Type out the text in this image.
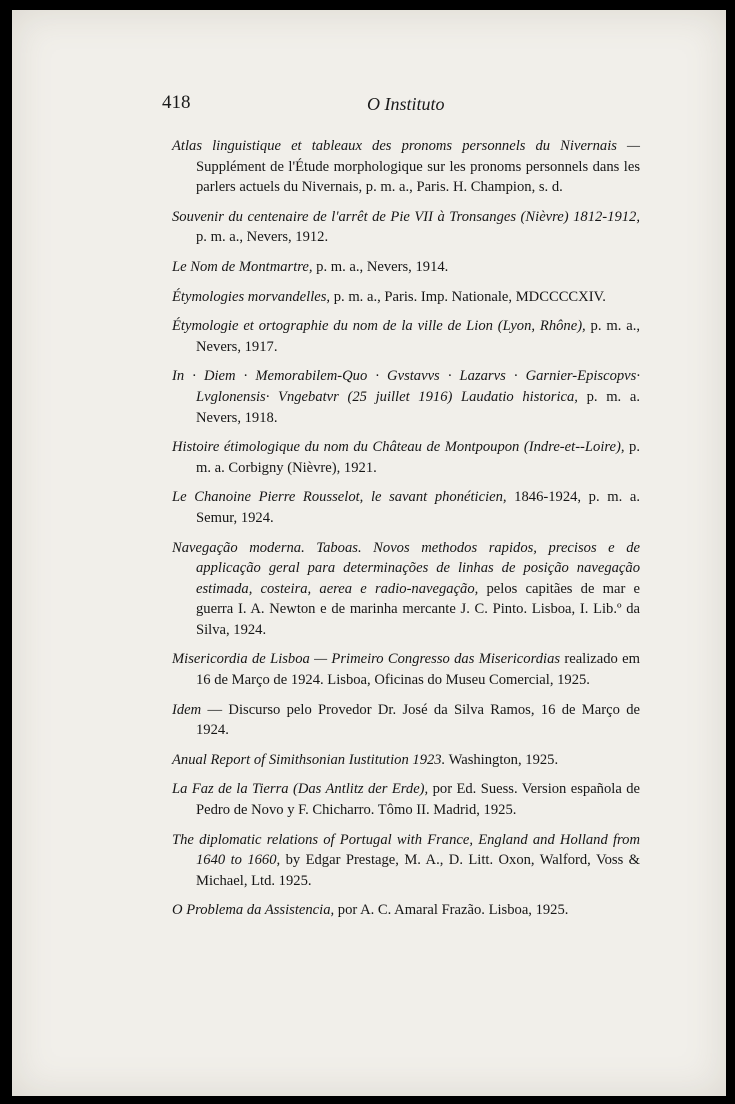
418	O Instituto

Atlas linguistique et tableaux des pronoms personnels du Nivernais — Supplément de l'Étude morphologique sur les pronoms personnels dans les parlers actuels du Nivernais, p. m. a., Paris. H. Champion, s. d.

Souvenir du centenaire de l'arrêt de Pie VII à Tronsanges (Nièvre) 1812-1912, p. m. a., Nevers, 1912.

Le Nom de Montmartre, p. m. a., Nevers, 1914.

Étymologies morvandelles, p. m. a., Paris. Imp. Nationale, MDCCCCXIV.

Étymologie et ortographie du nom de la ville de Lion (Lyon, Rhône), p. m. a., Nevers, 1917.

In · Diem · Memorabilem-Quo · Gvstavvs · Lazarvs · Garnier-Episcopvs· Lvglonensis· Vngebatvr (25 juillet 1916) Laudatio historica, p. m. a. Nevers, 1918.

Histoire étimologique du nom du Château de Montpoupon (Indre-et--Loire), p. m. a. Corbigny (Nièvre), 1921.

Le Chanoine Pierre Rousselot, le savant phonéticien, 1846-1924, p. m. a. Semur, 1924.

Navegação moderna. Taboas. Novos methodos rapidos, precisos e de applicação geral para determinações de linhas de posição navegação estimada, costeira, aerea e radio-navegação, pelos capitães de mar e guerra I. A. Newton e de marinha mercante J. C. Pinto. Lisboa, I. Lib.º da Silva, 1924.

Misericordia de Lisboa — Primeiro Congresso das Misericordias realizado em 16 de Março de 1924. Lisboa, Oficinas do Museu Comercial, 1925.

Idem — Discurso pelo Provedor Dr. José da Silva Ramos, 16 de Março de 1924.

Anual Report of Simithsonian Iustitution 1923. Washington, 1925.

La Faz de la Tierra (Das Antlitz der Erde), por Ed. Suess. Version española de Pedro de Novo y F. Chicharro. Tômo II. Madrid, 1925.

The diplomatic relations of Portugal with France, England and Holland from 1640 to 1660, by Edgar Prestage, M. A., D. Litt. Oxon, Walford, Voss & Michael, Ltd. 1925.

O Problema da Assistencia, por A. C. Amaral Frazão. Lisboa, 1925.
